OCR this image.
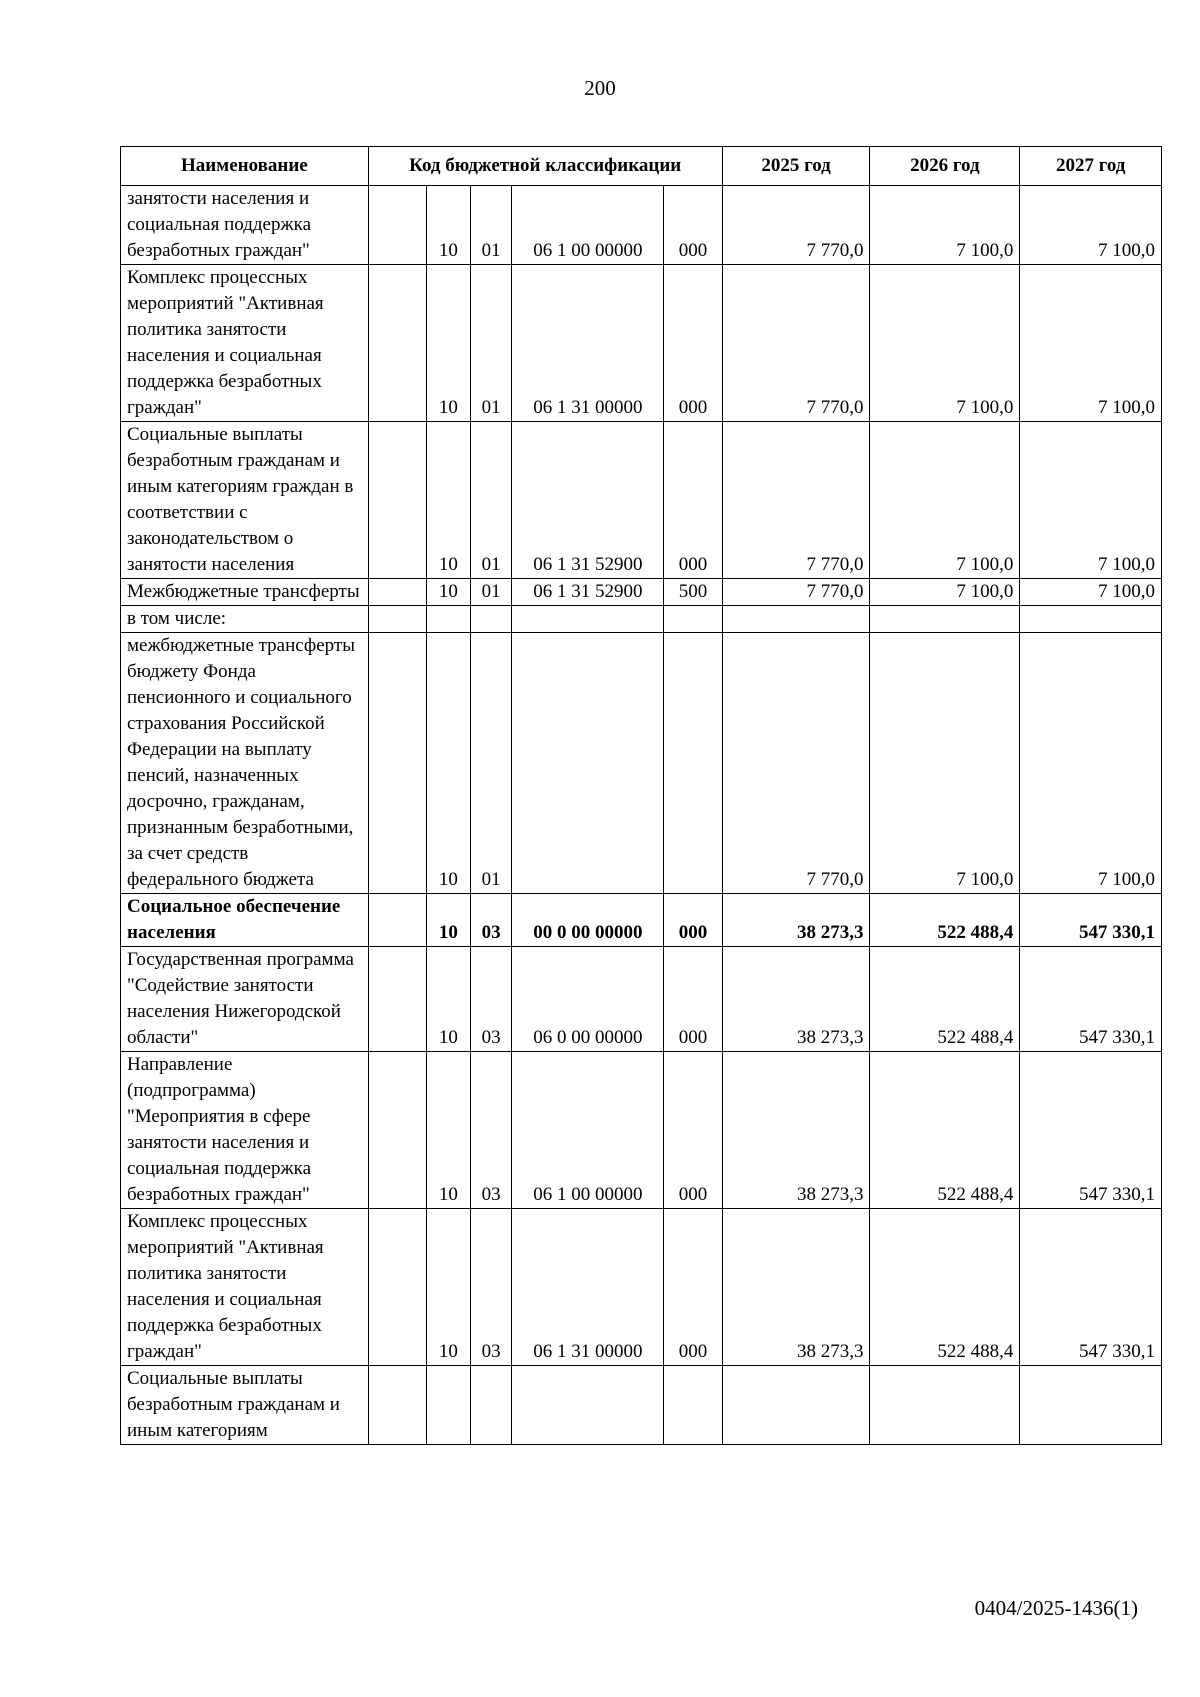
200
Наименование	Код бюджетной классификации					2025 год	2026 год	2027 год
занятости населения и социальная поддержка безработных граждан"		10	01	06 1 00 00000	000	7 770,0	7 100,0	7 100,0
Комплекс процессных мероприятий "Активная политика занятости населения и социальная поддержка безработных граждан"		10	01	06 1 31 00000	000	7 770,0	7 100,0	7 100,0
Социальные выплаты безработным гражданам и иным категориям граждан в соответствии с законодательством о занятости населения		10	01	06 1 31 52900	000	7 770,0	7 100,0	7 100,0
Межбюджетные трансферты		10	01	06 1 31 52900	500	7 770,0	7 100,0	7 100,0
в том числе:								
межбюджетные трансферты бюджету Фонда пенсионного и социального страхования Российской Федерации на выплату пенсий, назначенных досрочно, гражданам, признанным безработными, за счет средств федерального бюджета		10	01			7 770,0	7 100,0	7 100,0
Социальное обеспечение населения		10	03	00 0 00 00000	000	38 273,3	522 488,4	547 330,1
Государственная программа "Содействие занятости населения Нижегородской области"		10	03	06 0 00 00000	000	38 273,3	522 488,4	547 330,1
Направление (подпрограмма) "Мероприятия в сфере занятости населения и социальная поддержка безработных граждан"		10	03	06 1 00 00000	000	38 273,3	522 488,4	547 330,1
Комплекс процессных мероприятий "Активная политика занятости населения и социальная поддержка безработных граждан"		10	03	06 1 31 00000	000	38 273,3	522 488,4	547 330,1
Социальные выплаты безработным гражданам и иным категориям								
0404/2025-1436(1)
